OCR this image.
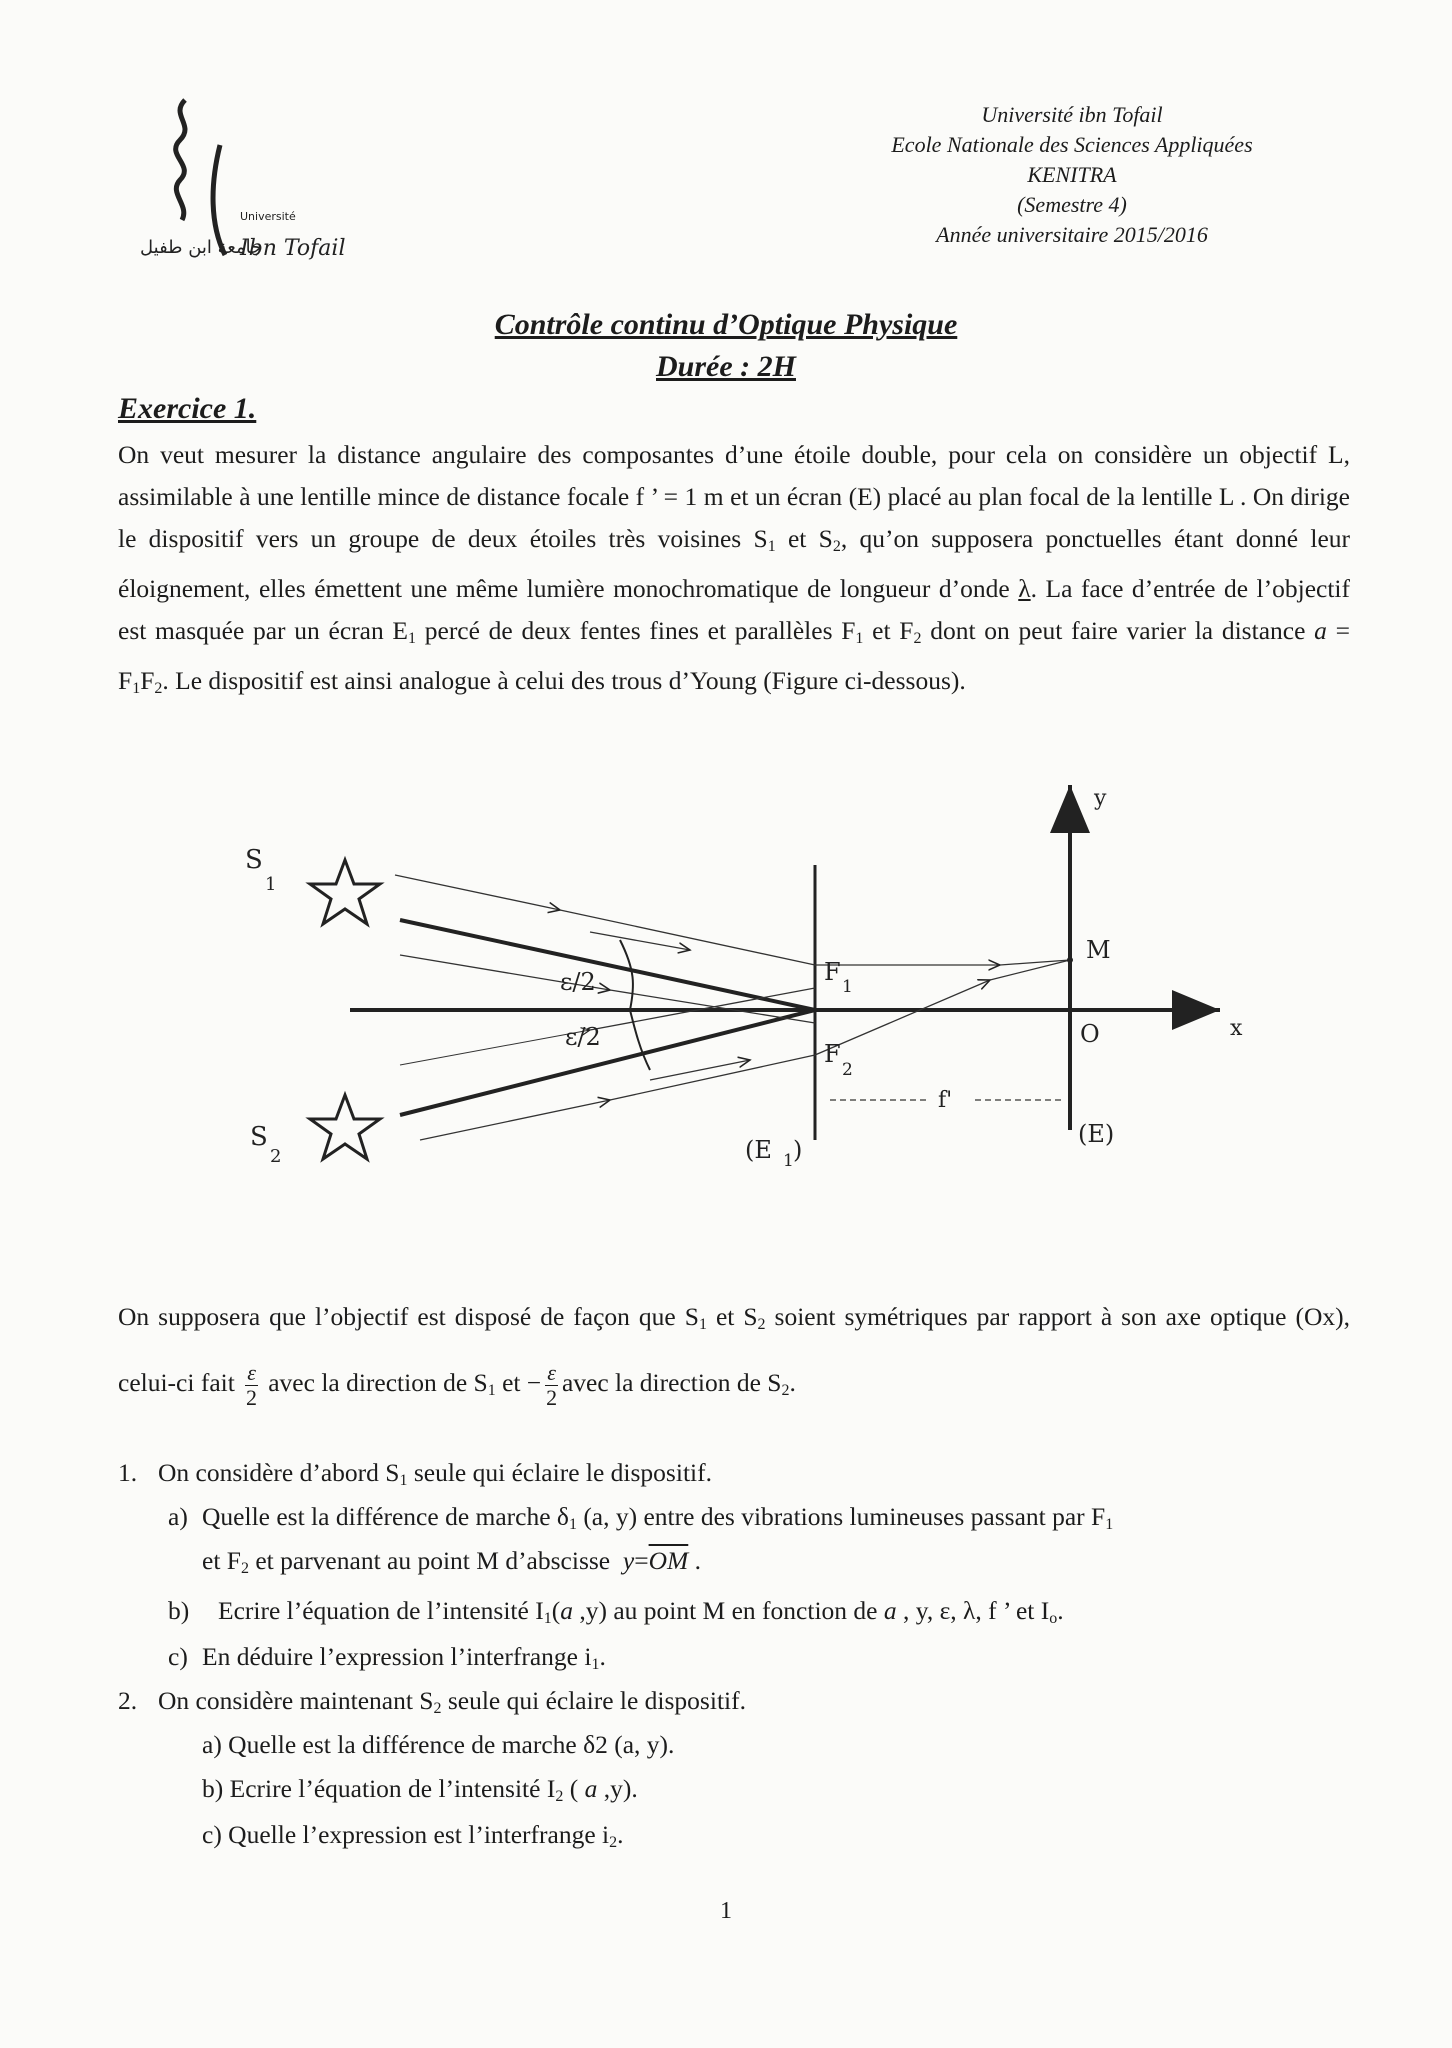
Université
Ibn Tofail
جامعة ابن طفيل
Université ibn Tofail
Ecole Nationale des Sciences Appliquées
KENITRA
(Semestre 4)
Année universitaire 2015/2016
Contrôle continu d’Optique Physique
Durée : 2H
Exercice 1.

On veut mesurer la distance angulaire des composantes d’une étoile double, pour cela on considère un objectif L, assimilable à une lentille mince de distance focale f ’ = 1 m et un écran (E) placé au plan focal de la lentille L . On dirige le dispositif vers un groupe de deux étoiles très voisines $S_1$ et $S_2$, qu’on supposera ponctuelles étant donné leur éloignement, elles émettent une même lumière monochromatique de longueur d’onde λ. La face d’entrée de l’objectif est masquée par un écran $E_1$ percé de deux fentes fines et parallèles $F_1$ et $F_2$ dont on peut faire varier la distance $a = F_1F_2$. Le dispositif est ainsi analogue à celui des trous d’Young (Figure ci-dessous).

S
1
S
2
ε/2
ε/2
F
1
F
2
M
O	x
y
f'
(E 1 )
(E)
On supposera que l’objectif est disposé de façon que $S_1$ et $S_2$ soient symétriques par rapport à son axe optique (Ox), celui-ci fait $\frac{\varepsilon}{2}$ avec la direction de $S_1$ et − $\frac{\varepsilon}{2}$ avec la direction de $S_2$.
1. On considère d’abord $S_1$ seule qui éclaire le dispositif.
a) Quelle est la différence de marche $\delta_1$ (a, y) entre des vibrations lumineuses passant par $F_1$
et $F_2$ et parvenant au point M d’abscisse $y=\overline{OM}$ .
b) Ecrire l’équation de l’intensité $I_1(a$ ,y) au point M en fonction de a , y, ε, λ, f ’ et $I_o$.
c) En déduire l’expression l’interfrange $i_1$.
2. On considère maintenant $S_2$ seule qui éclaire le dispositif.
a) Quelle est la différence de marche δ2 (a, y).
b) Ecrire l’équation de l’intensité $I_2$ ( a ,y).
c) Quelle l’expression est l’interfrange $i_2$.
1
